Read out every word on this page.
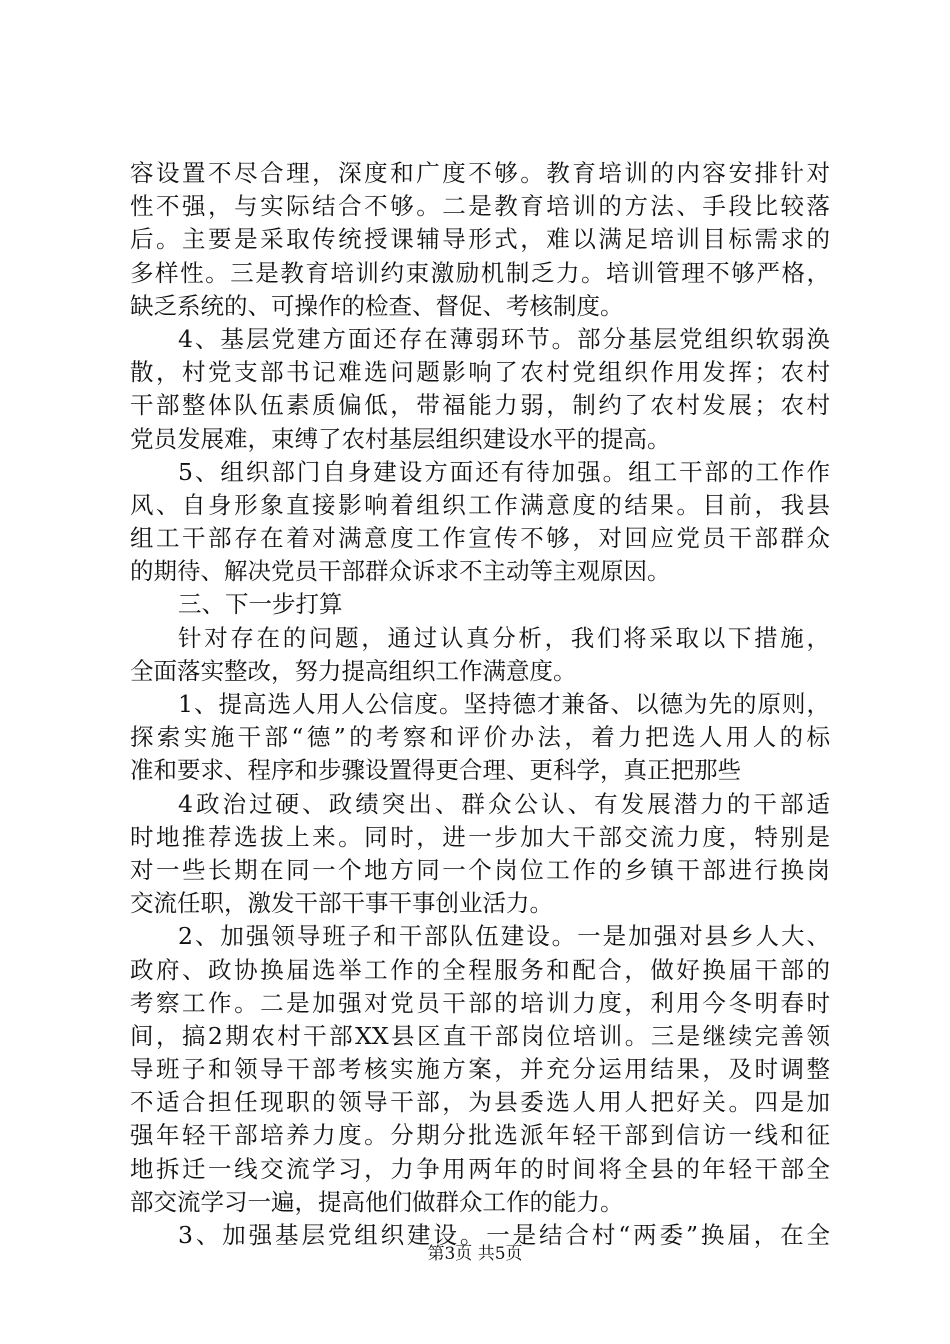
容设置不尽合理，深度和广度不够。教育培训的内容安排针对
性不强，与实际结合不够。二是教育培训的方法、手段比较落
后。主要是采取传统授课辅导形式，难以满足培训目标需求的
多样性。三是教育培训约束激励机制乏力。培训管理不够严格，
缺乏系统的、可操作的检查、督促、考核制度。
4、基层党建方面还存在薄弱环节。部分基层党组织软弱涣
散，村党支部书记难选问题影响了农村党组织作用发挥；农村
干部整体队伍素质偏低，带福能力弱，制约了农村发展；农村
党员发展难，束缚了农村基层组织建设水平的提高。
5、组织部门自身建设方面还有待加强。组工干部的工作作
风、自身形象直接影响着组织工作满意度的结果。目前，我县
组工干部存在着对满意度工作宣传不够，对回应党员干部群众
的期待、解决党员干部群众诉求不主动等主观原因。
三、下一步打算
针对存在的问题，通过认真分析，我们将采取以下措施，
全面落实整改，努力提高组织工作满意度。
1、提高选人用人公信度。坚持德才兼备、以德为先的原则，
探索实施干部“德”的考察和评价办法，着力把选人用人的标
准和要求、程序和步骤设置得更合理、更科学，真正把那些
4政治过硬、政绩突出、群众公认、有发展潜力的干部适
时地推荐选拔上来。同时，进一步加大干部交流力度，特别是
对一些长期在同一个地方同一个岗位工作的乡镇干部进行换岗
交流任职，激发干部干事干事创业活力。
2、加强领导班子和干部队伍建设。一是加强对县乡人大、
政府、政协换届选举工作的全程服务和配合，做好换届干部的
考察工作。二是加强对党员干部的培训力度，利用今冬明春时
间，搞2期农村干部XX县区直干部岗位培训。三是继续完善领
导班子和领导干部考核实施方案，并充分运用结果，及时调整
不适合担任现职的领导干部，为县委选人用人把好关。四是加
强年轻干部培养力度。分期分批选派年轻干部到信访一线和征
地拆迁一线交流学习，力争用两年的时间将全县的年轻干部全
部交流学习一遍，提高他们做群众工作的能力。
3、加强基层党组织建设。一是结合村“两委”换届，在全
第3页 共5页
